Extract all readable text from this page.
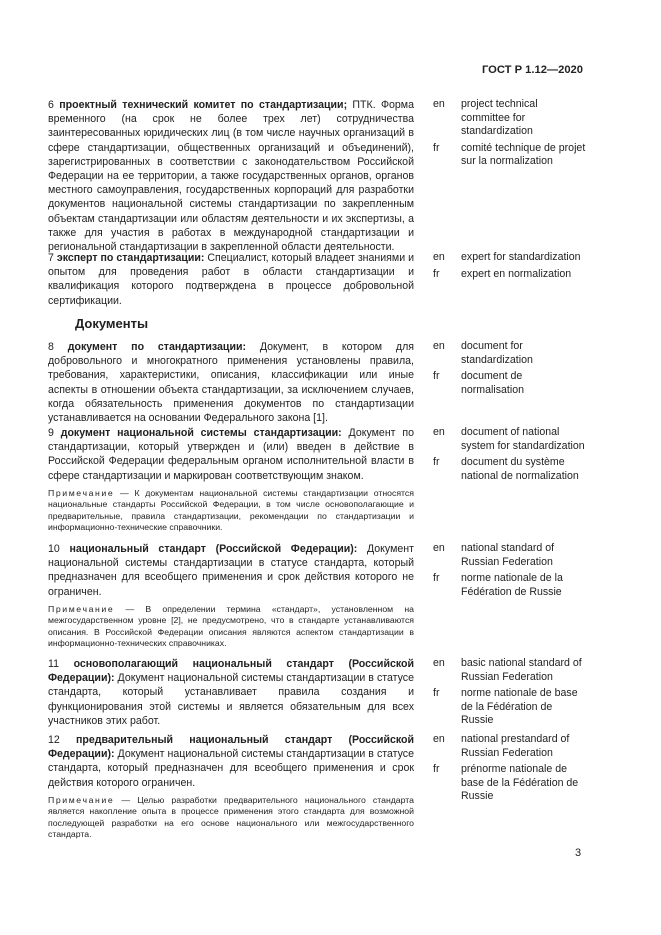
ГОСТ Р 1.12—2020
6 проектный технический комитет по стандартизации; ПТК. Форма временного (на срок не более трех лет) сотрудничества заинтересованных юридических лиц (в том числе научных организаций в сфере стандартизации, общественных организаций и объединений), зарегистрированных в соответствии с законодательством Российской Федерации на ее территории, а также государственных органов, органов местного самоуправления, государственных корпораций для разработки документов национальной системы стандартизации по закрепленным объектам стандартизации или областям деятельности и их экспертизы, а также для участия в работах в международной стандартизации и региональной стандартизации в закрепленной области деятельности.
en	project technical committee for standardization
fr	comité technique de projet sur la normalization
7 эксперт по стандартизации: Специалист, который владеет знаниями и опытом для проведения работ в области стандартизации и квалификация которого подтверждена в процессе добровольной сертификации.
en	expert for standardization
fr	expert en normalization
Документы
8 документ по стандартизации: Документ, в котором для добровольного и многократного применения установлены правила, требования, характеристики, описания, классификации или иные аспекты в отношении объекта стандартизации, за исключением случаев, когда обязательность применения документов по стандартизации устанавливается на основании Федерального закона [1].
en	document for standardization
fr	document de normalisation
9 документ национальной системы стандартизации: Документ по стандартизации, который утвержден и (или) введен в действие в Российской Федерации федеральным органом исполнительной власти в сфере стандартизации и маркирован соответствующим знаком.
Примечание — К документам национальной системы стандартизации относятся национальные стандарты Российской Федерации, в том числе основополагающие и предварительные, правила стандартизации, рекомендации по стандартизации и информационно-технические справочники.
en	document of national system for standardization
fr	document du système national de normalization
10 национальный стандарт (Российской Федерации): Документ национальной системы стандартизации в статусе стандарта, который предназначен для всеобщего применения и срок действия которого не ограничен.
Примечание — В определении термина «стандарт», установленном на межгосударственном уровне [2], не предусмотрено, что в стандарте устанавливаются описания. В Российской Федерации описания являются аспектом стандартизации в информационно-технических справочниках.
en	national standard of Russian Federation
fr	norme nationale de la Fédération de Russie
11 основополагающий национальный стандарт (Российской Федерации): Документ национальной системы стандартизации в статусе стандарта, который устанавливает правила создания и функционирования этой системы и является обязательным для всех участников этих работ.
en	basic national standard of Russian Federation
fr	norme nationale de base de la Fédération de Russie
12 предварительный национальный стандарт (Российской Федерации): Документ национальной системы стандартизации в статусе стандарта, который предназначен для всеобщего применения и срок действия которого ограничен.
Примечание — Целью разработки предварительного национального стандарта является накопление опыта в процессе применения этого стандарта для возможной последующей разработки на его основе национального или межгосударственного стандарта.
en	national prestandard of Russian Federation
fr	prénorme nationale de base de la Fédération de Russie
3
